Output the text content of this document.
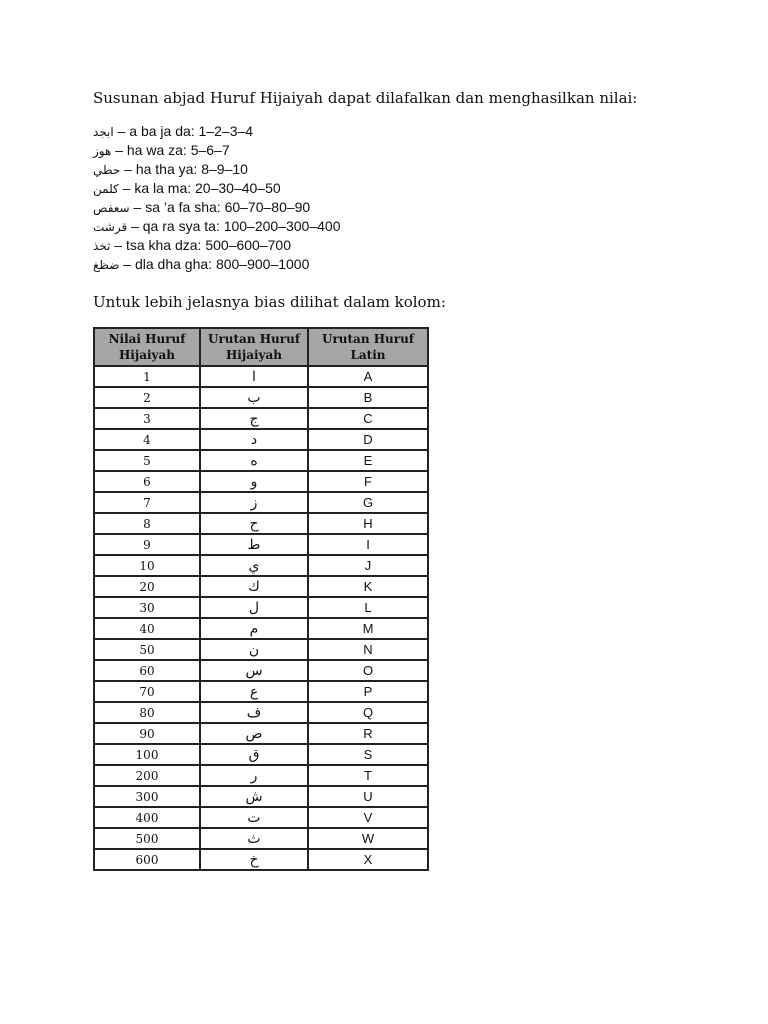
Susunan abjad Huruf Hijaiyah dapat dilafalkan dan menghasilkan nilai:
ابجد – a ba ja da: 1–2–3–4
هوز – ha wa za: 5–6–7
حطي – ha tha ya: 8–9–10
كلمن – ka la ma: 20–30–40–50
سعفص – sa ’a fa sha: 60–70–80–90
قرشت – qa ra sya ta: 100–200–300–400
ثخذ – tsa kha dza: 500–600–700
ضظغ – dla dha gha: 800–900–1000
Untuk lebih jelasnya bias dilihat dalam kolom:
Nilai Huruf Hijaiyah	Urutan Huruf Hijaiyah	Urutan Huruf Latin
1	ا	A
2	ب	B
3	ج	C
4	د	D
5	ه	E
6	و	F
7	ز	G
8	ح	H
9	ط	I
10	ي	J
20	ك	K
30	ل	L
40	م	M
50	ن	N
60	س	O
70	ع	P
80	ف	Q
90	ص	R
100	ق	S
200	ر	T
300	ش	U
400	ت	V
500	ث	W
600	خ	X
